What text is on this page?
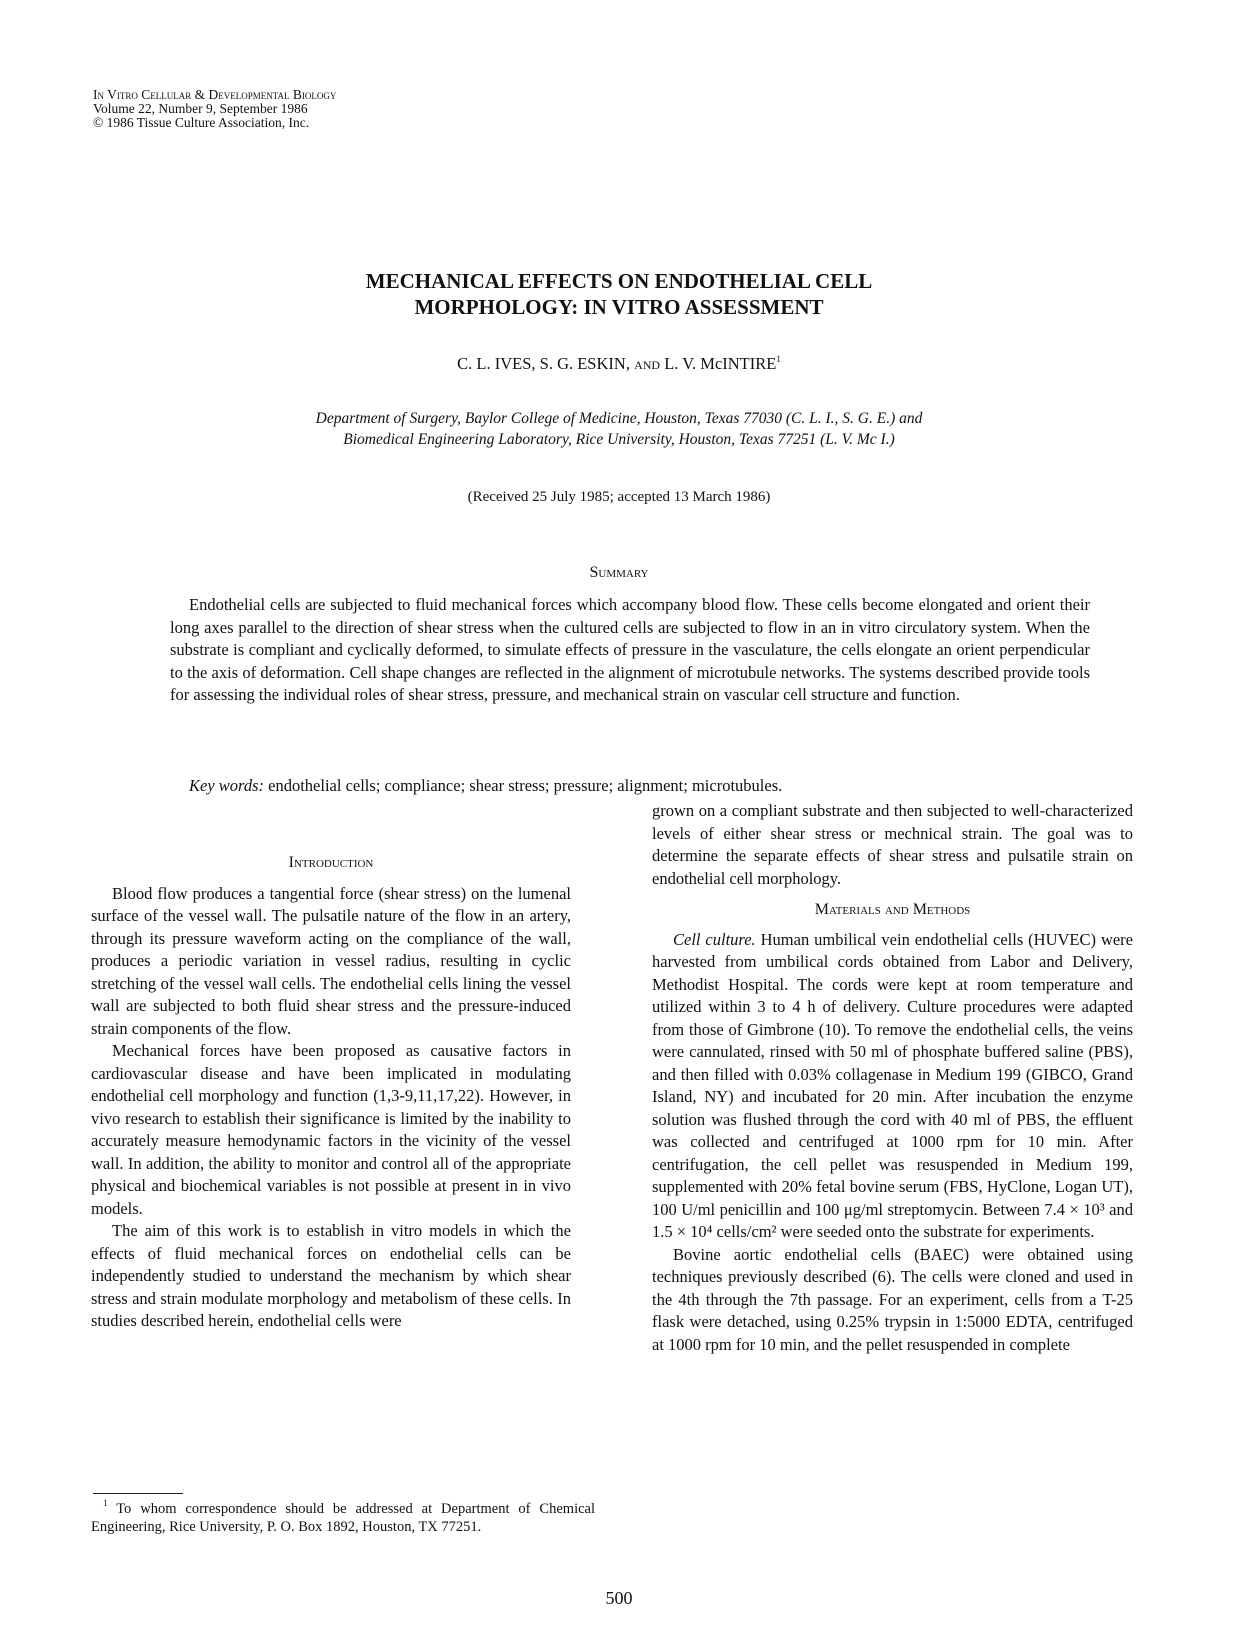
In Vitro Cellular & Developmental Biology
Volume 22, Number 9, September 1986
© 1986 Tissue Culture Association, Inc.
MECHANICAL EFFECTS ON ENDOTHELIAL CELL
MORPHOLOGY: IN VITRO ASSESSMENT
C. L. IVES, S. G. ESKIN, and L. V. McINTIRE$^1$
Department of Surgery, Baylor College of Medicine, Houston, Texas 77030 (C. L. I., S. G. E.) and
Biomedical Engineering Laboratory, Rice University, Houston, Texas 77251 (L. V. Mc I.)
(Received 25 July 1985; accepted 13 March 1986)
Summary

Endothelial cells are subjected to fluid mechanical forces which accompany blood flow. These cells become elongated and orient their long axes parallel to the direction of shear stress when the cultured cells are subjected to flow in an in vitro circulatory system. When the substrate is compliant and cyclically deformed, to simulate effects of pressure in the vasculature, the cells elongate an orient perpendicular to the axis of deformation. Cell shape changes are reflected in the alignment of microtubule networks. The systems described provide tools for assessing the individual roles of shear stress, pressure, and mechanical strain on vascular cell structure and function.

Key words: endothelial cells; compliance; shear stress; pressure; alignment; microtubules.
Introduction

Blood flow produces a tangential force (shear stress) on the lumenal surface of the vessel wall. The pulsatile nature of the flow in an artery, through its pressure waveform acting on the compliance of the wall, produces a periodic variation in vessel radius, resulting in cyclic stretching of the vessel wall cells. The endothelial cells lining the vessel wall are subjected to both fluid shear stress and the pressure-induced strain components of the flow.

Mechanical forces have been proposed as causative factors in cardiovascular disease and have been implicated in modulating endothelial cell morphology and function (1,3-9,11,17,22). However, in vivo research to establish their significance is limited by the inability to accurately measure hemodynamic factors in the vicinity of the vessel wall. In addition, the ability to monitor and control all of the appropriate physical and biochemical variables is not possible at present in in vivo models.

The aim of this work is to establish in vitro models in which the effects of fluid mechanical forces on endothelial cells can be independently studied to understand the mechanism by which shear stress and strain modulate morphology and metabolism of these cells. In studies described herein, endothelial cells were

grown on a compliant substrate and then subjected to well-characterized levels of either shear stress or mechnical strain. The goal was to determine the separate effects of shear stress and pulsatile strain on endothelial cell morphology.

Materials and Methods

Cell culture. Human umbilical vein endothelial cells (HUVEC) were harvested from umbilical cords obtained from Labor and Delivery, Methodist Hospital. The cords were kept at room temperature and utilized within 3 to 4 h of delivery. Culture procedures were adapted from those of Gimbrone (10). To remove the endothelial cells, the veins were cannulated, rinsed with 50 ml of phosphate buffered saline (PBS), and then filled with 0.03% collagenase in Medium 199 (GIBCO, Grand Island, NY) and incubated for 20 min. After incubation the enzyme solution was flushed through the cord with 40 ml of PBS, the effluent was collected and centrifuged at 1000 rpm for 10 min. After centrifugation, the cell pellet was resuspended in Medium 199, supplemented with 20% fetal bovine serum (FBS, HyClone, Logan UT), 100 U/ml penicillin and 100 μg/ml streptomycin. Between 7.4 × 10³ and 1.5 × 10⁴ cells/cm² were seeded onto the substrate for experiments.

Bovine aortic endothelial cells (BAEC) were obtained using techniques previously described (6). The cells were cloned and used in the 4th through the 7th passage. For an experiment, cells from a T-25 flask were detached, using 0.25% trypsin in 1:5000 EDTA, centrifuged at 1000 rpm for 10 min, and the pellet resuspended in complete

$^1$ To whom correspondence should be addressed at Department of Chemical Engineering, Rice University, P. O. Box 1892, Houston, TX 77251.
500
